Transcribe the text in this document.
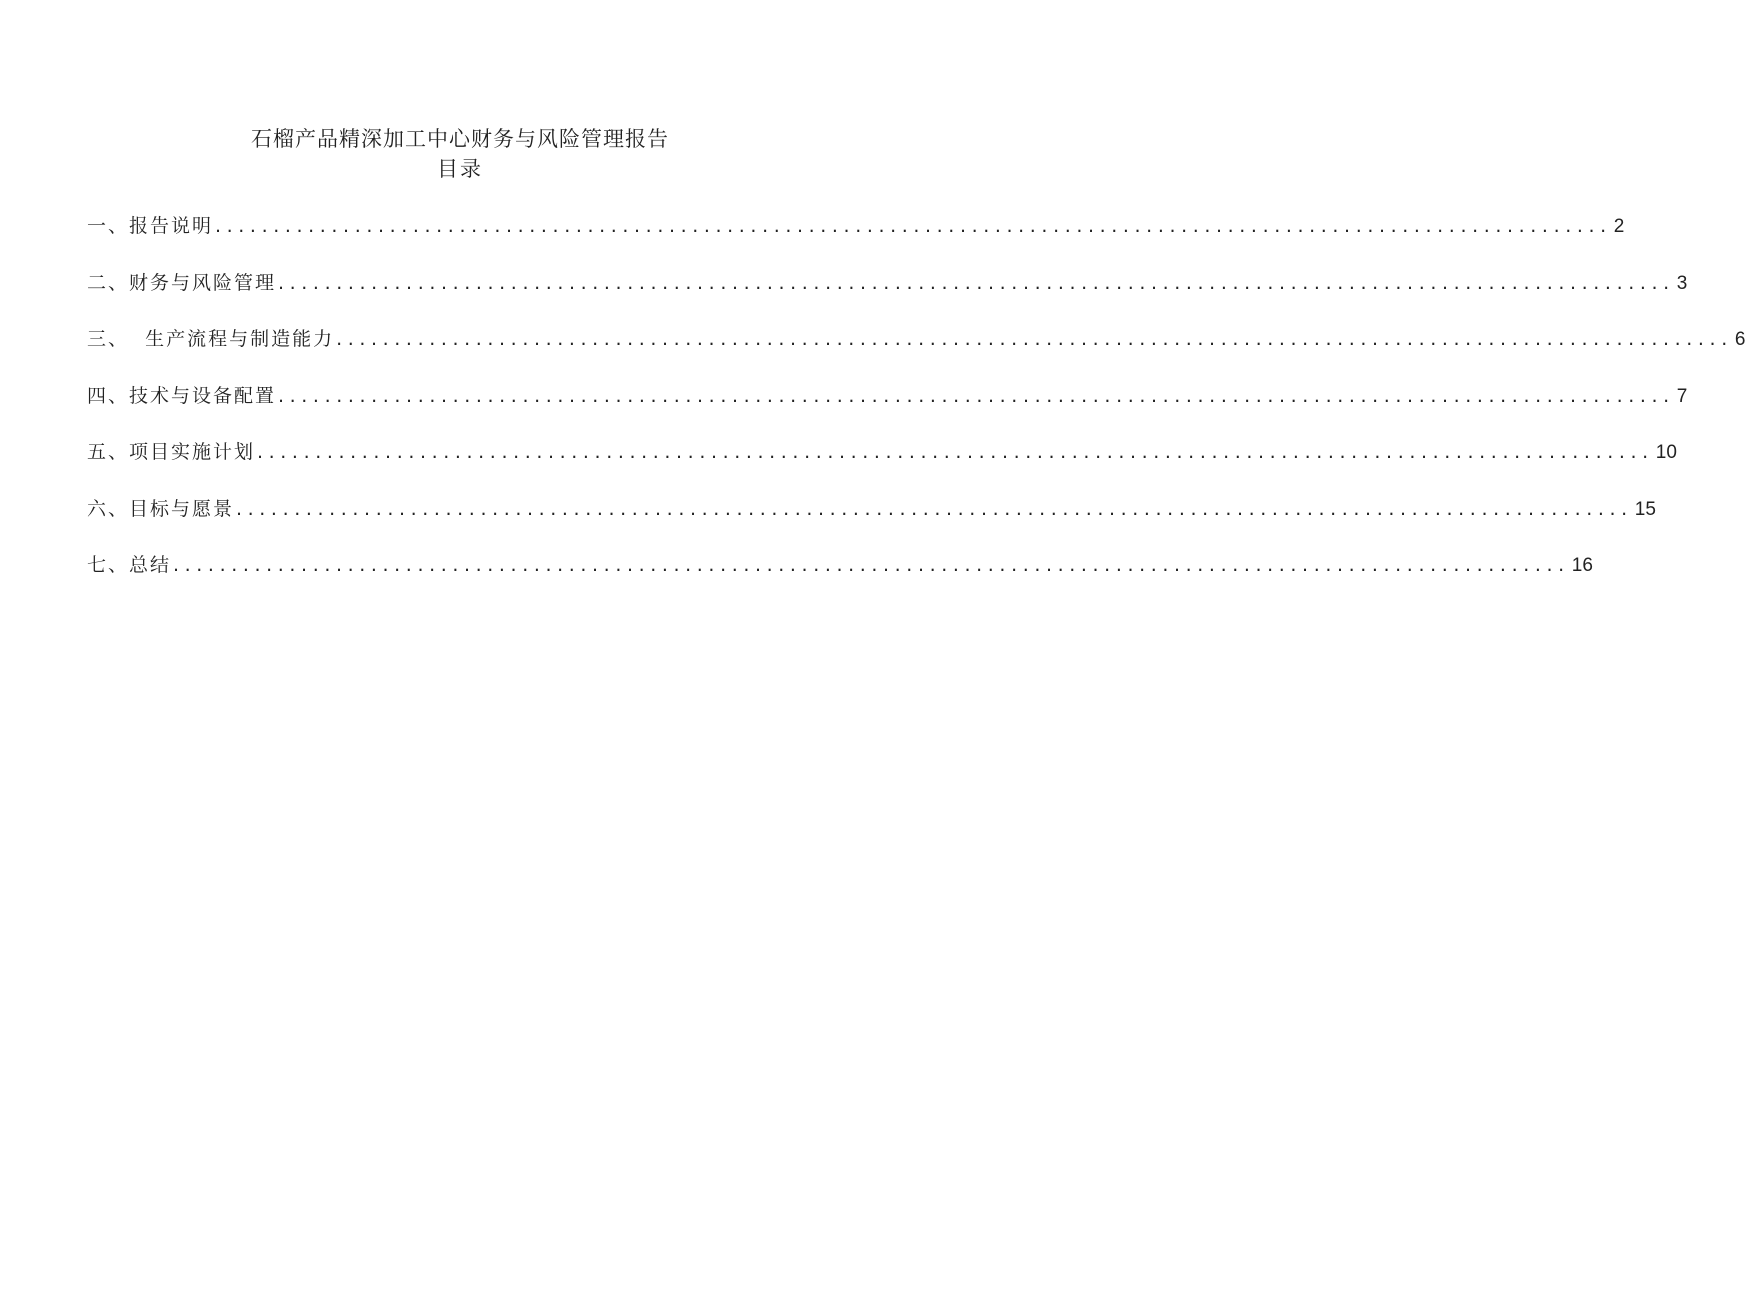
石榴产品精深加工中心财务与风险管理报告
目录
一、报告说明 ........................................................................................................................ 2
二、财务与风险管理 ........................................................................................................................ 3
三、  生产流程与制造能力 ........................................................................................................................ 6
四、技术与设备配置 ........................................................................................................................ 7
五、项目实施计划 ........................................................................................................................ 10
六、目标与愿景 ........................................................................................................................ 15
七、总结 ........................................................................................................................ 16
